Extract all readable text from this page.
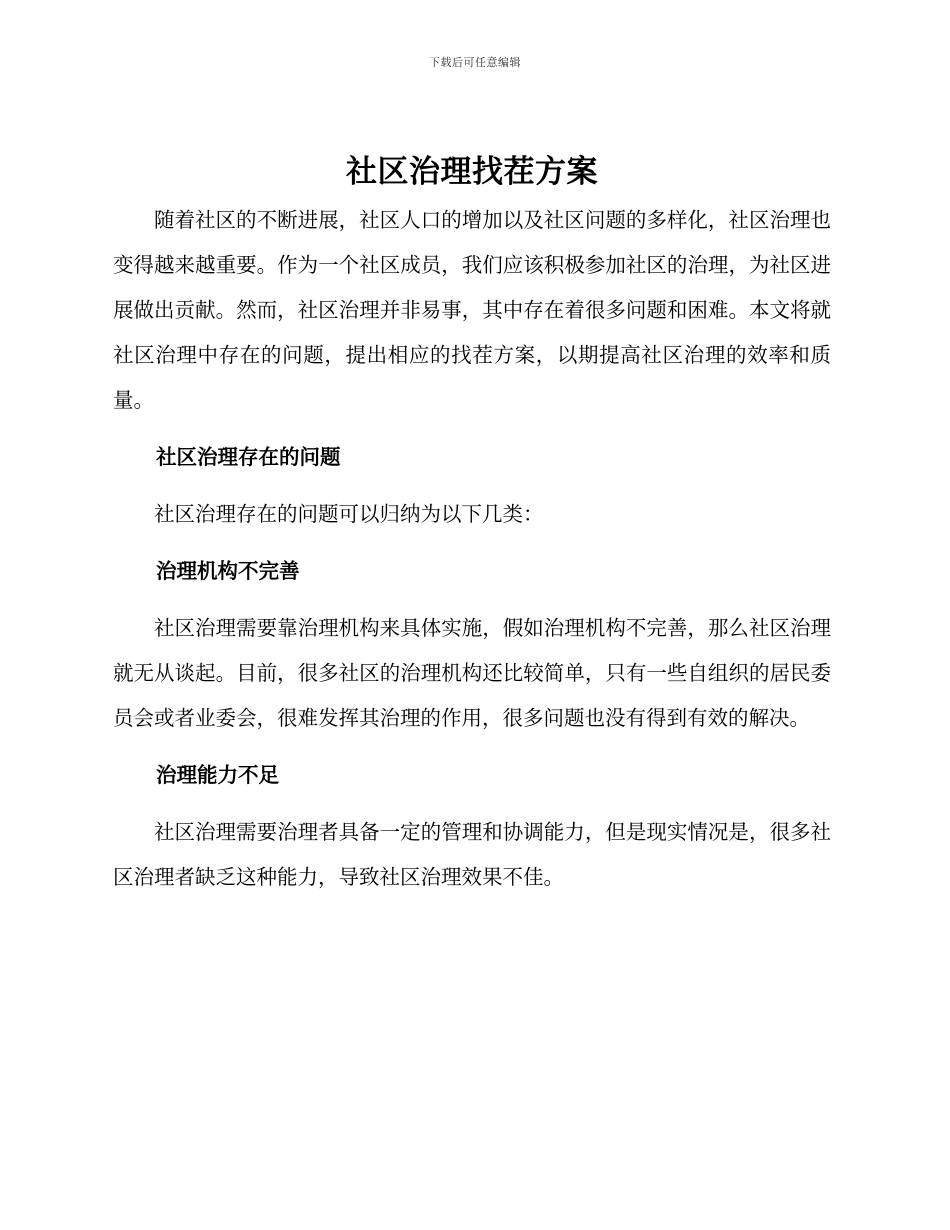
下载后可任意编辑
社区治理找茬方案

随着社区的不断进展，社区人口的增加以及社区问题的多样化，社区治理也变得越来越重要。作为一个社区成员，我们应该积极参加社区的治理，为社区进展做出贡献。然而，社区治理并非易事，其中存在着很多问题和困难。本文将就社区治理中存在的问题，提出相应的找茬方案，以期提高社区治理的效率和质量。

社区治理存在的问题

社区治理存在的问题可以归纳为以下几类：

治理机构不完善

社区治理需要靠治理机构来具体实施，假如治理机构不完善，那么社区治理就无从谈起。目前，很多社区的治理机构还比较简单，只有一些自组织的居民委员会或者业委会，很难发挥其治理的作用，很多问题也没有得到有效的解决。

治理能力不足

社区治理需要治理者具备一定的管理和协调能力，但是现实情况是，很多社区治理者缺乏这种能力，导致社区治理效果不佳。
